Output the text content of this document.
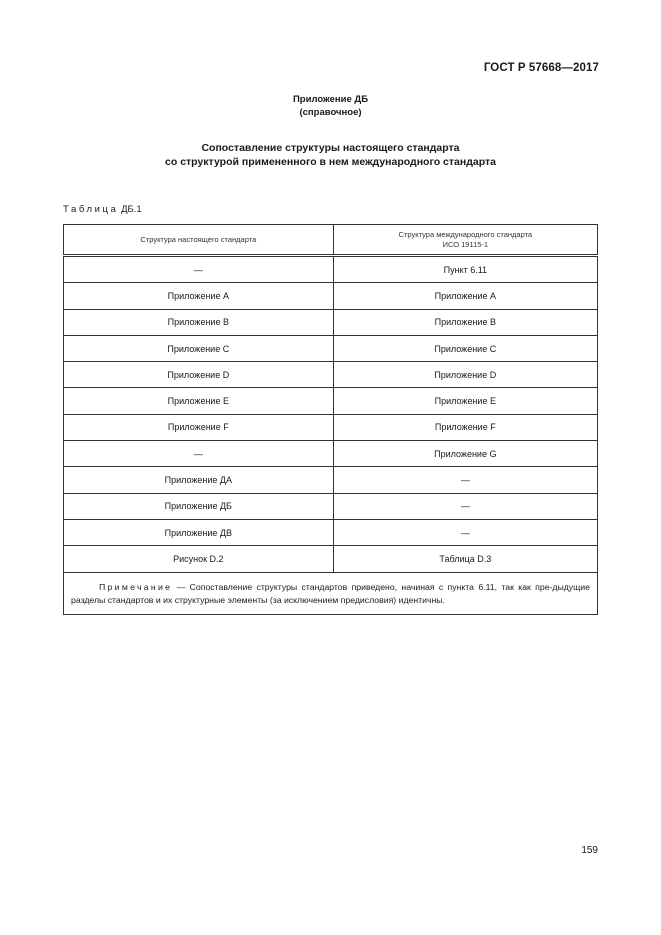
ГОСТ Р 57668—2017
Приложение ДБ
(справочное)
Сопоставление структуры настоящего стандарта
со структурой примененного в нем международного стандарта
Таблица ДБ.1
Структура настоящего стандарта	Структура международного стандарта
ИСО 19115-1

—	Пункт 6.11
Приложение А	Приложение A
Приложение В	Приложение B
Приложение С	Приложение C
Приложение D	Приложение D
Приложение Е	Приложение E
Приложение F	Приложение F
—	Приложение G
Приложение ДА	—
Приложение ДБ	—
Приложение ДВ	—
Рисунок D.2	Таблица D.3
Примечание — Сопоставление структуры стандартов приведено, начиная с пункта 6.11, так как пре-дыдущие разделы стандартов и их структурные элементы (за исключением предисловия) идентичны.	
159
